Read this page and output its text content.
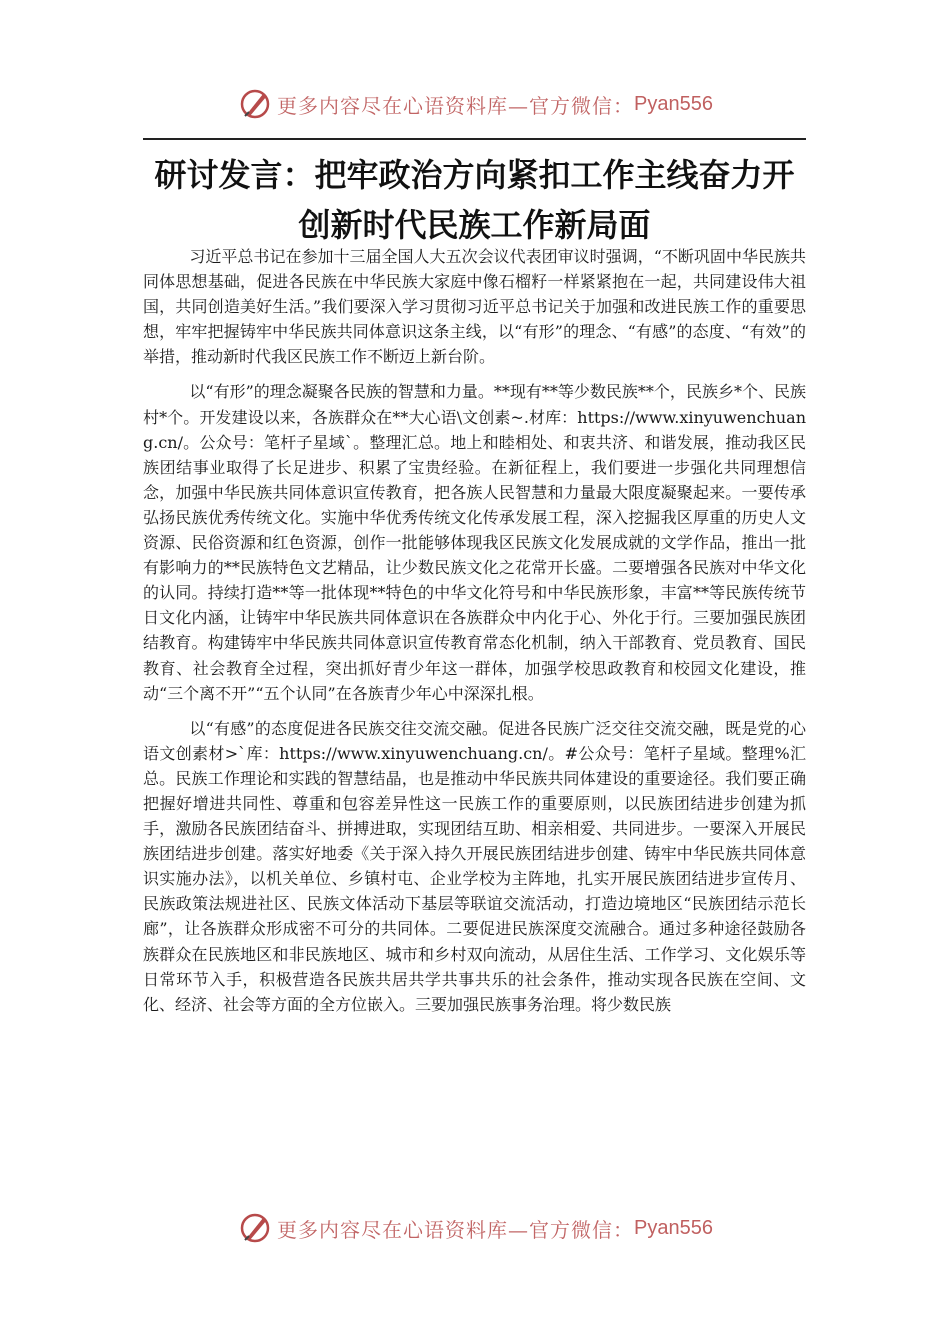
更多内容尽在心语资料库—官方微信： Pyan556
研讨发言：把牢政治方向紧扣工作主线奋力开创新时代民族工作新局面

习近平总书记在参加十三届全国人大五次会议代表团审议时强调，“不断巩固中华民族共同体思想基础，促进各民族在中华民族大家庭中像石榴籽一样紧紧抱在一起，共同建设伟大祖国，共同创造美好生活。”我们要深入学习贯彻习近平总书记关于加强和改进民族工作的重要思想，牢牢把握铸牢中华民族共同体意识这条主线，以“有形”的理念、“有感”的态度、“有效”的举措，推动新时代我区民族工作不断迈上新台阶。

以“有形”的理念凝聚各民族的智慧和力量。**现有**等少数民族**个，民族乡*个、民族村*个。开发建设以来，各族群众在**大心语\文创素~.材库：https://www.xinyuwenchuang.cn/。公众号：笔杆子星域`。整理汇总。地上和睦相处、和衷共济、和谐发展，推动我区民族团结事业取得了长足进步、积累了宝贵经验。在新征程上，我们要进一步强化共同理想信念，加强中华民族共同体意识宣传教育，把各族人民智慧和力量最大限度凝聚起来。一要传承弘扬民族优秀传统文化。实施中华优秀传统文化传承发展工程，深入挖掘我区厚重的历史人文资源、民俗资源和红色资源，创作一批能够体现我区民族文化发展成就的文学作品，推出一批有影响力的**民族特色文艺精品，让少数民族文化之花常开长盛。二要增强各民族对中华文化的认同。持续打造**等一批体现**特色的中华文化符号和中华民族形象，丰富**等民族传统节日文化内涵，让铸牢中华民族共同体意识在各族群众中内化于心、外化于行。三要加强民族团结教育。构建铸牢中华民族共同体意识宣传教育常态化机制，纳入干部教育、党员教育、国民教育、社会教育全过程，突出抓好青少年这一群体，加强学校思政教育和校园文化建设，推动“三个离不开”“五个认同”在各族青少年心中深深扎根。

以“有感”的态度促进各民族交往交流交融。促进各民族广泛交往交流交融，既是党的心语文创素材>`库：https://www.xinyuwenchuang.cn/。#公众号：笔杆子星域。整理%汇总。民族工作理论和实践的智慧结晶，也是推动中华民族共同体建设的重要途径。我们要正确把握好增进共同性、尊重和包容差异性这一民族工作的重要原则，以民族团结进步创建为抓手，激励各民族团结奋斗、拼搏进取，实现团结互助、相亲相爱、共同进步。一要深入开展民族团结进步创建。落实好地委《关于深入持久开展民族团结进步创建、铸牢中华民族共同体意识实施办法》，以机关单位、乡镇村屯、企业学校为主阵地，扎实开展民族团结进步宣传月、民族政策法规进社区、民族文体活动下基层等联谊交流活动，打造边境地区“民族团结示范长廊”，让各族群众形成密不可分的共同体。二要促进民族深度交流融合。通过多种途径鼓励各族群众在民族地区和非民族地区、城市和乡村双向流动，从居住生活、工作学习、文化娱乐等日常环节入手，积极营造各民族共居共学共事共乐的社会条件，推动实现各民族在空间、文化、经济、社会等方面的全方位嵌入。三要加强民族事务治理。将少数民族

更多内容尽在心语资料库—官方微信： Pyan556
